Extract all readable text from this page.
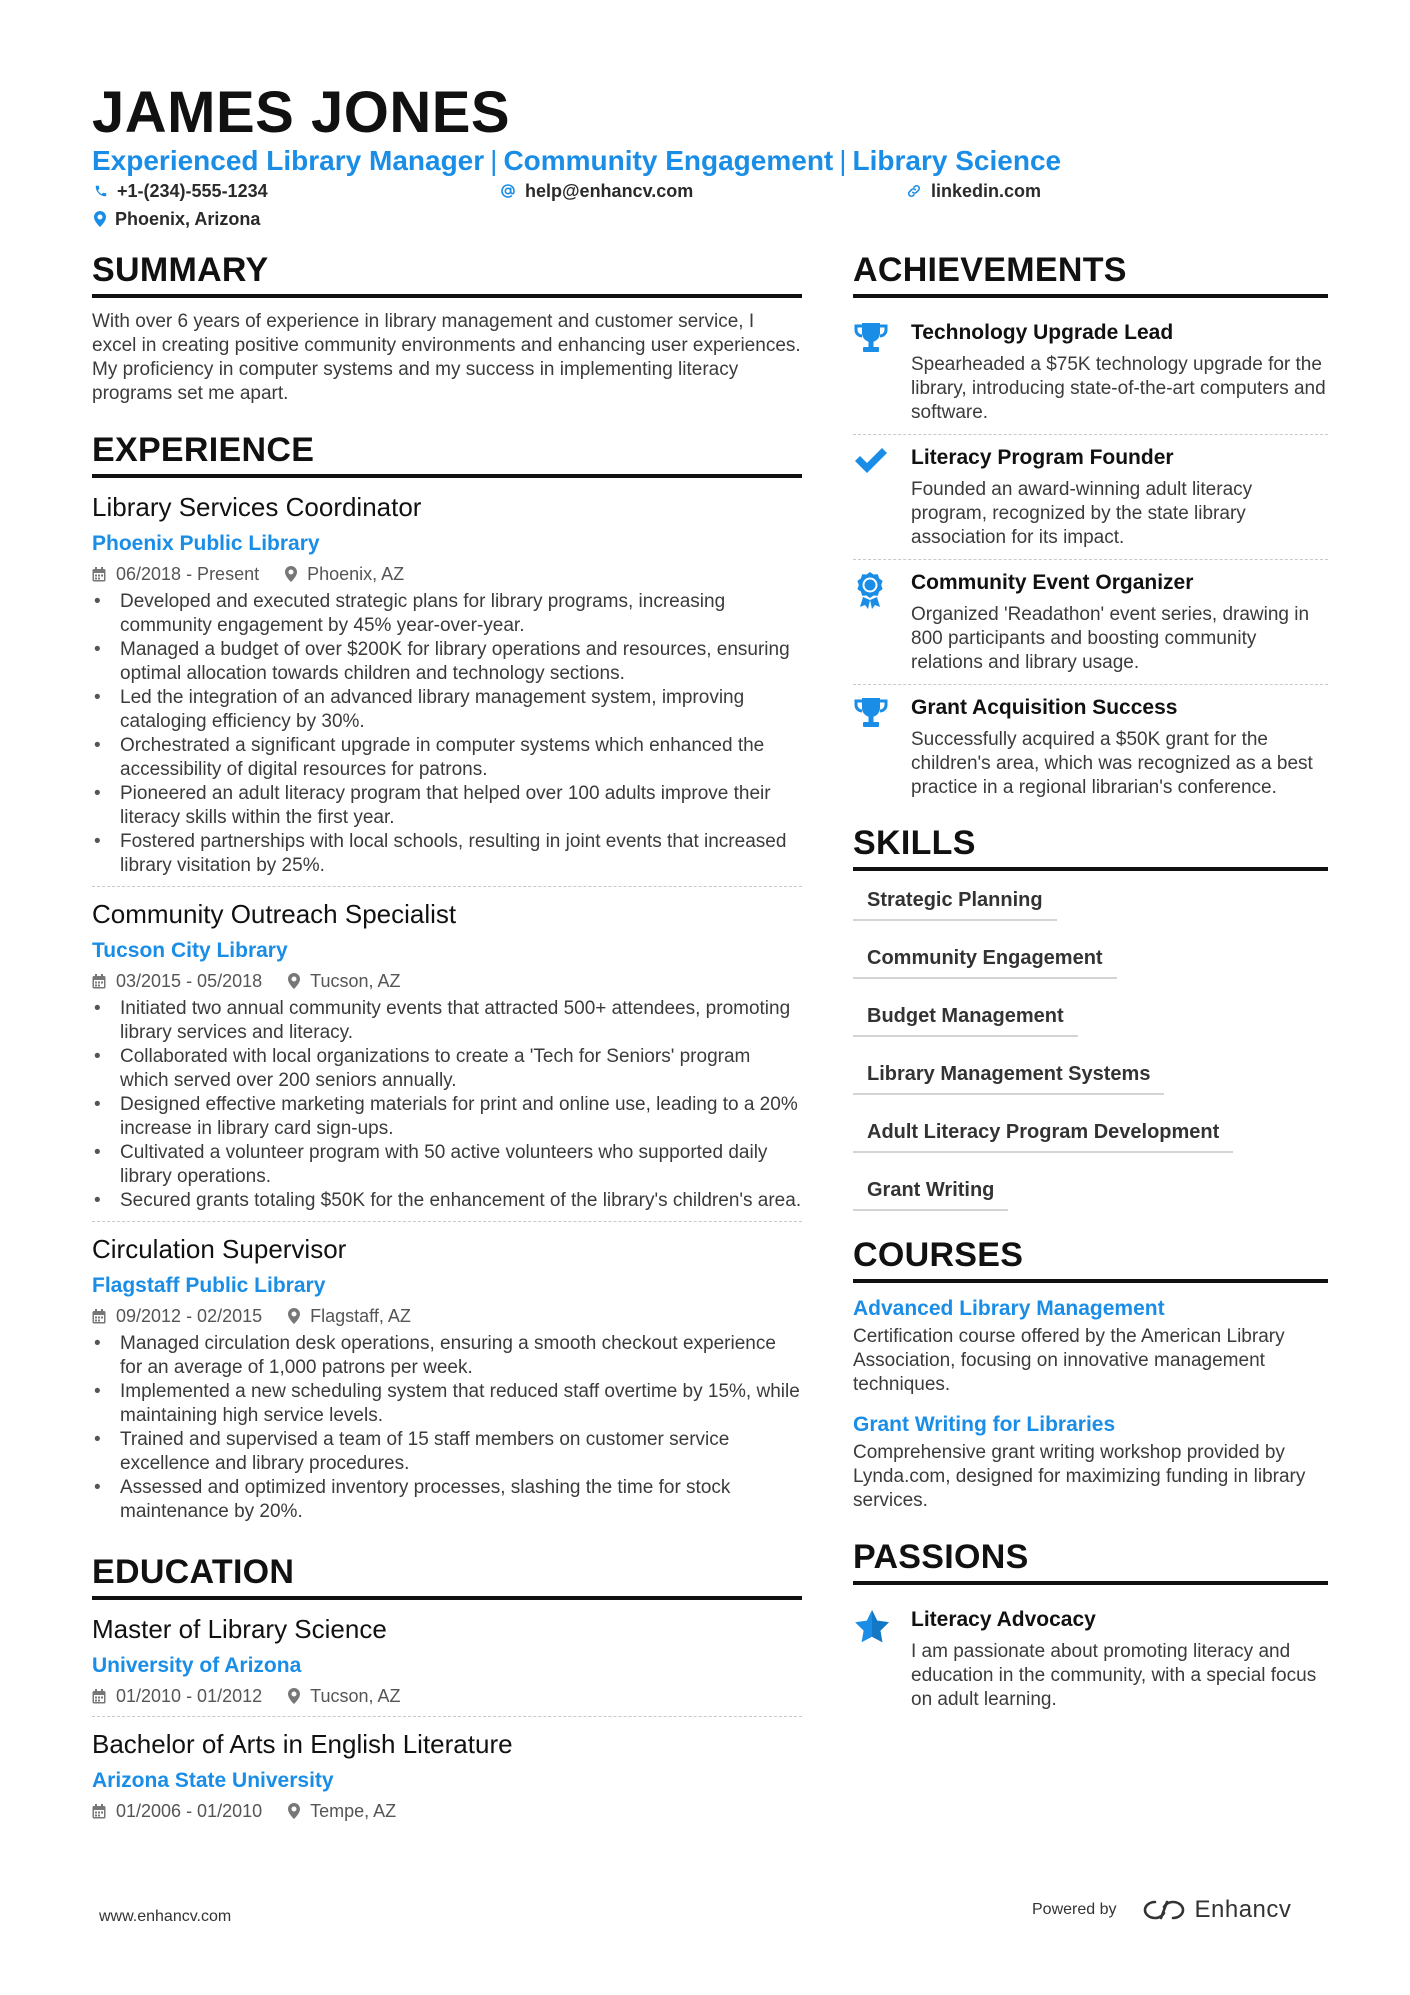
JAMES JONES
Experienced Library Manager | Community Engagement | Library Science
+1-(234)-555-1234	help@enhancv.com	linkedin.com
Phoenix, Arizona
SUMMARY

With over 6 years of experience in library management and customer service, I excel in creating positive community environments and enhancing user experiences. My proficiency in computer systems and my success in implementing literacy programs set me apart.

EXPERIENCE
Library Services Coordinator
Phoenix Public Library
06/2018 - Present	Phoenix, AZ
• Developed and executed strategic plans for library programs, increasing community engagement by 45% year-over-year.
• Managed a budget of over $200K for library operations and resources, ensuring optimal allocation towards children and technology sections.
• Led the integration of an advanced library management system, improving cataloging efficiency by 30%.
• Orchestrated a significant upgrade in computer systems which enhanced the accessibility of digital resources for patrons.
• Pioneered an adult literacy program that helped over 100 adults improve their literacy skills within the first year.
• Fostered partnerships with local schools, resulting in joint events that increased library visitation by 25%.
Community Outreach Specialist
Tucson City Library
03/2015 - 05/2018	Tucson, AZ
• Initiated two annual community events that attracted 500+ attendees, promoting library services and literacy.
• Collaborated with local organizations to create a 'Tech for Seniors' program which served over 200 seniors annually.
• Designed effective marketing materials for print and online use, leading to a 20% increase in library card sign-ups.
• Cultivated a volunteer program with 50 active volunteers who supported daily library operations.
• Secured grants totaling $50K for the enhancement of the library's children's area.
Circulation Supervisor
Flagstaff Public Library
09/2012 - 02/2015	Flagstaff, AZ
• Managed circulation desk operations, ensuring a smooth checkout experience for an average of 1,000 patrons per week.
• Implemented a new scheduling system that reduced staff overtime by 15%, while maintaining high service levels.
• Trained and supervised a team of 15 staff members on customer service excellence and library procedures.
• Assessed and optimized inventory processes, slashing the time for stock maintenance by 20%.
EDUCATION
Master of Library Science
University of Arizona
01/2010 - 01/2012	Tucson, AZ
Bachelor of Arts in English Literature
Arizona State University
01/2006 - 01/2010	Tempe, AZ
ACHIEVEMENTS
Technology Upgrade Lead
Spearheaded a $75K technology upgrade for the library, introducing state-of-the-art computers and software.
Literacy Program Founder
Founded an award-winning adult literacy program, recognized by the state library association for its impact.
Community Event Organizer
Organized 'Readathon' event series, drawing in 800 participants and boosting community relations and library usage.
Grant Acquisition Success
Successfully acquired a $50K grant for the children's area, which was recognized as a best practice in a regional librarian's conference.
SKILLS
Strategic Planning
Community Engagement
Budget Management
Library Management Systems
Adult Literacy Program Development
Grant Writing
COURSES
Advanced Library Management
Certification course offered by the American Library Association, focusing on innovative management techniques.
Grant Writing for Libraries
Comprehensive grant writing workshop provided by Lynda.com, designed for maximizing funding in library services.
PASSIONS
Literacy Advocacy
I am passionate about promoting literacy and education in the community, with a special focus on adult learning.
www.enhancv.com	Powered by	Enhancv
